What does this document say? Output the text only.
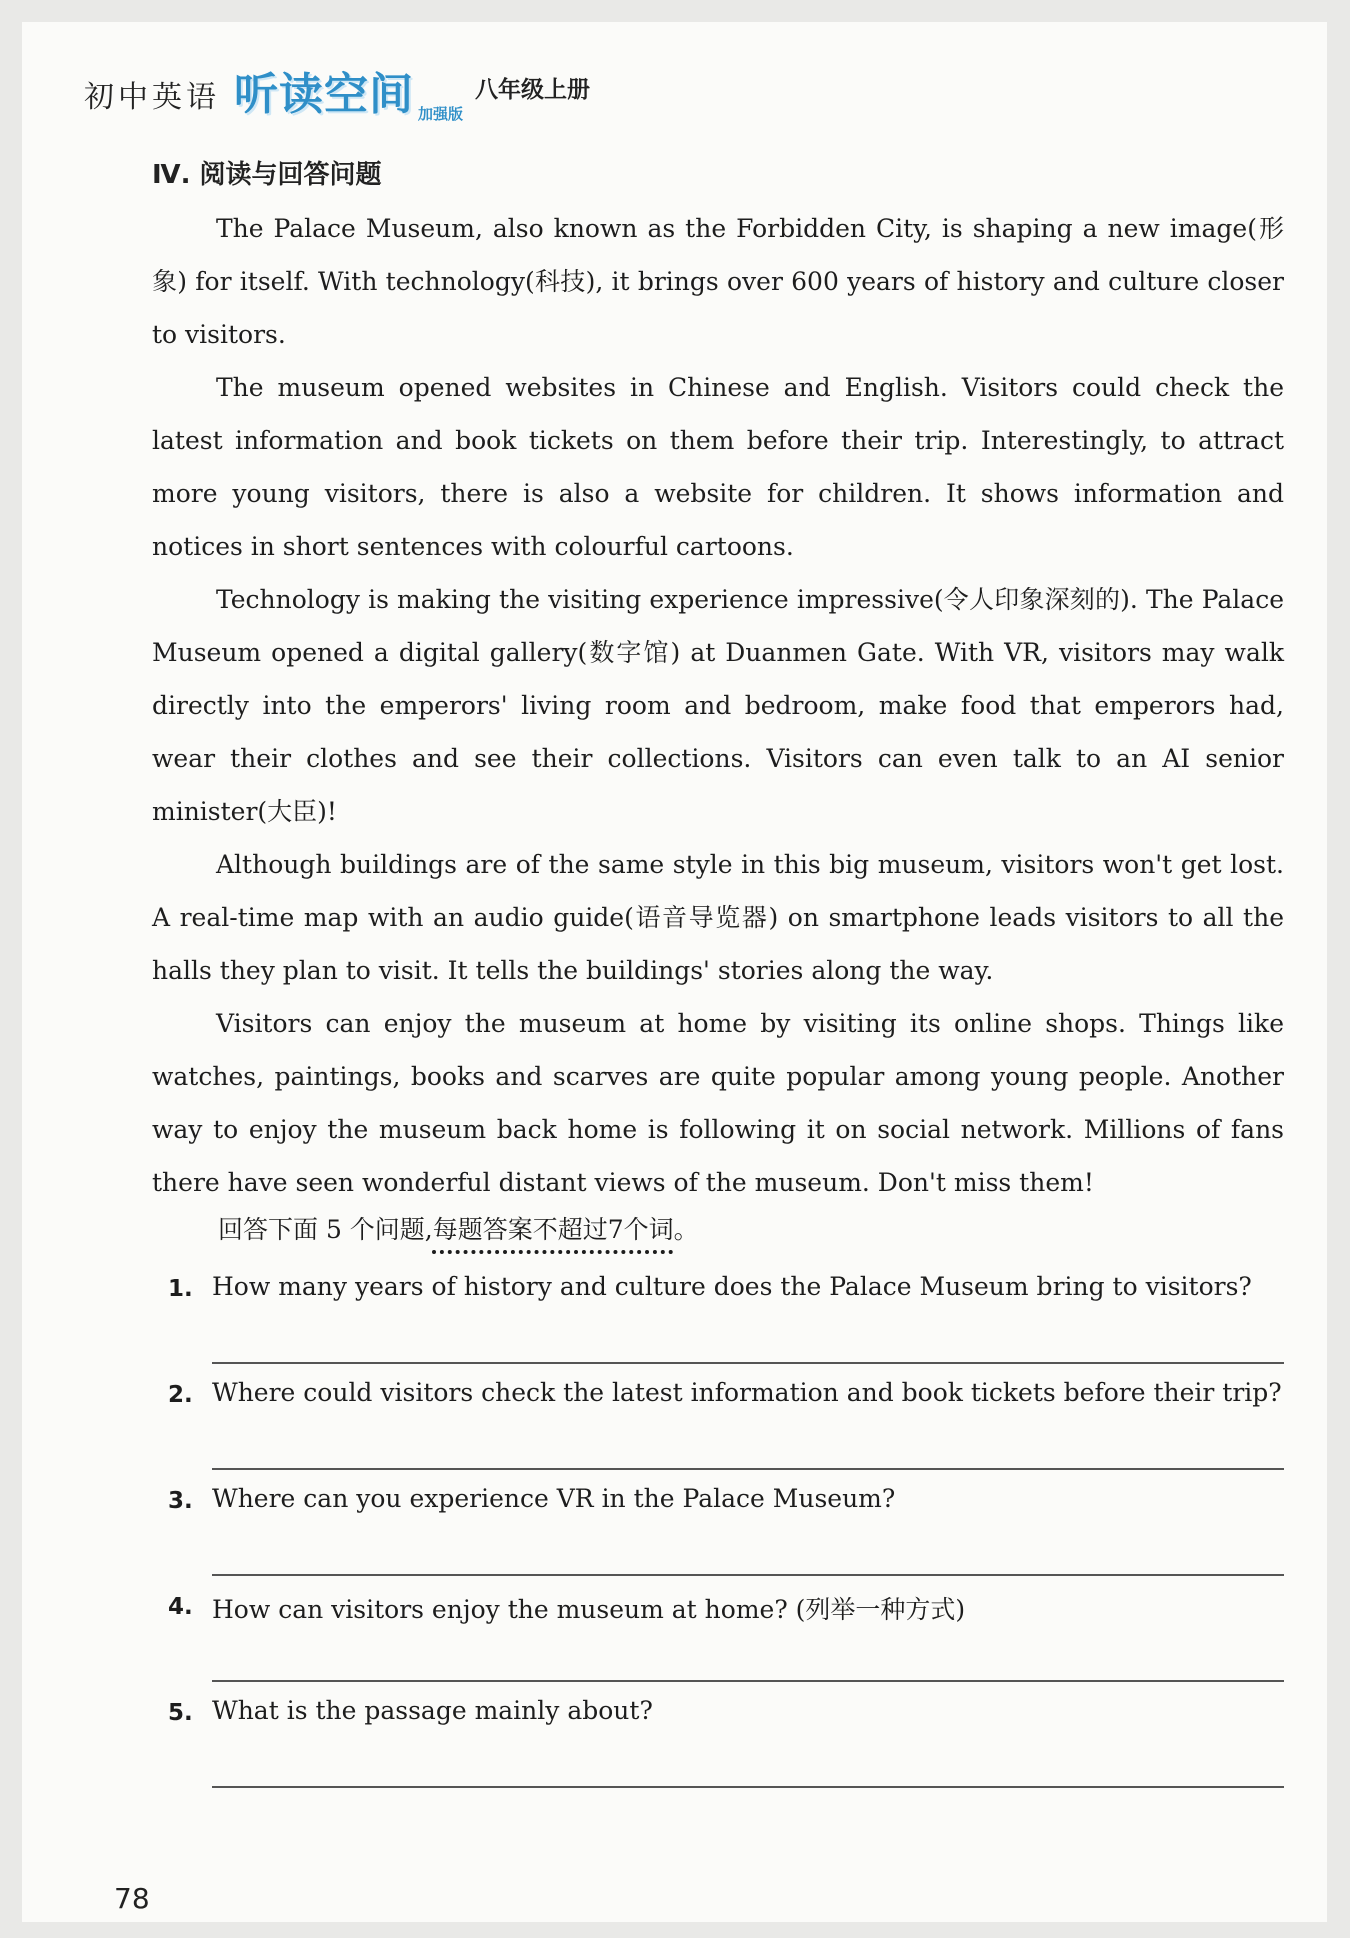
初中英语 听读空间 加强版
八年级上册
Ⅳ. 阅读与回答问题

The Palace Museum, also known as the Forbidden City, is shaping a new image(形象) for itself. With technology(科技), it brings over 600 years of history and culture closer to visitors.

The museum opened websites in Chinese and English. Visitors could check the latest information and book tickets on them before their trip. Interestingly, to attract more young visitors, there is also a website for children. It shows information and notices in short sentences with colourful cartoons.

Technology is making the visiting experience impressive(令人印象深刻的). The Palace Museum opened a digital gallery(数字馆) at Duanmen Gate. With VR, visitors may walk directly into the emperors' living room and bedroom, make food that emperors had, wear their clothes and see their collections. Visitors can even talk to an AI senior minister(大臣)!

Although buildings are of the same style in this big museum, visitors won't get lost. A real-time map with an audio guide(语音导览器) on smartphone leads visitors to all the halls they plan to visit. It tells the buildings' stories along the way.

Visitors can enjoy the museum at home by visiting its online shops. Things like watches, paintings, books and scarves are quite popular among young people. Another way to enjoy the museum back home is following it on social network. Millions of fans there have seen wonderful distant views of the museum. Don't miss them!

回答下面 5 个问题,每题答案不超过7个词。
1. How many years of history and culture does the Palace Museum bring to visitors?
2. Where could visitors check the latest information and book tickets before their trip?
3. Where can you experience VR in the Palace Museum?
4. How can visitors enjoy the museum at home? (列举一种方式)
5. What is the passage mainly about?
78
